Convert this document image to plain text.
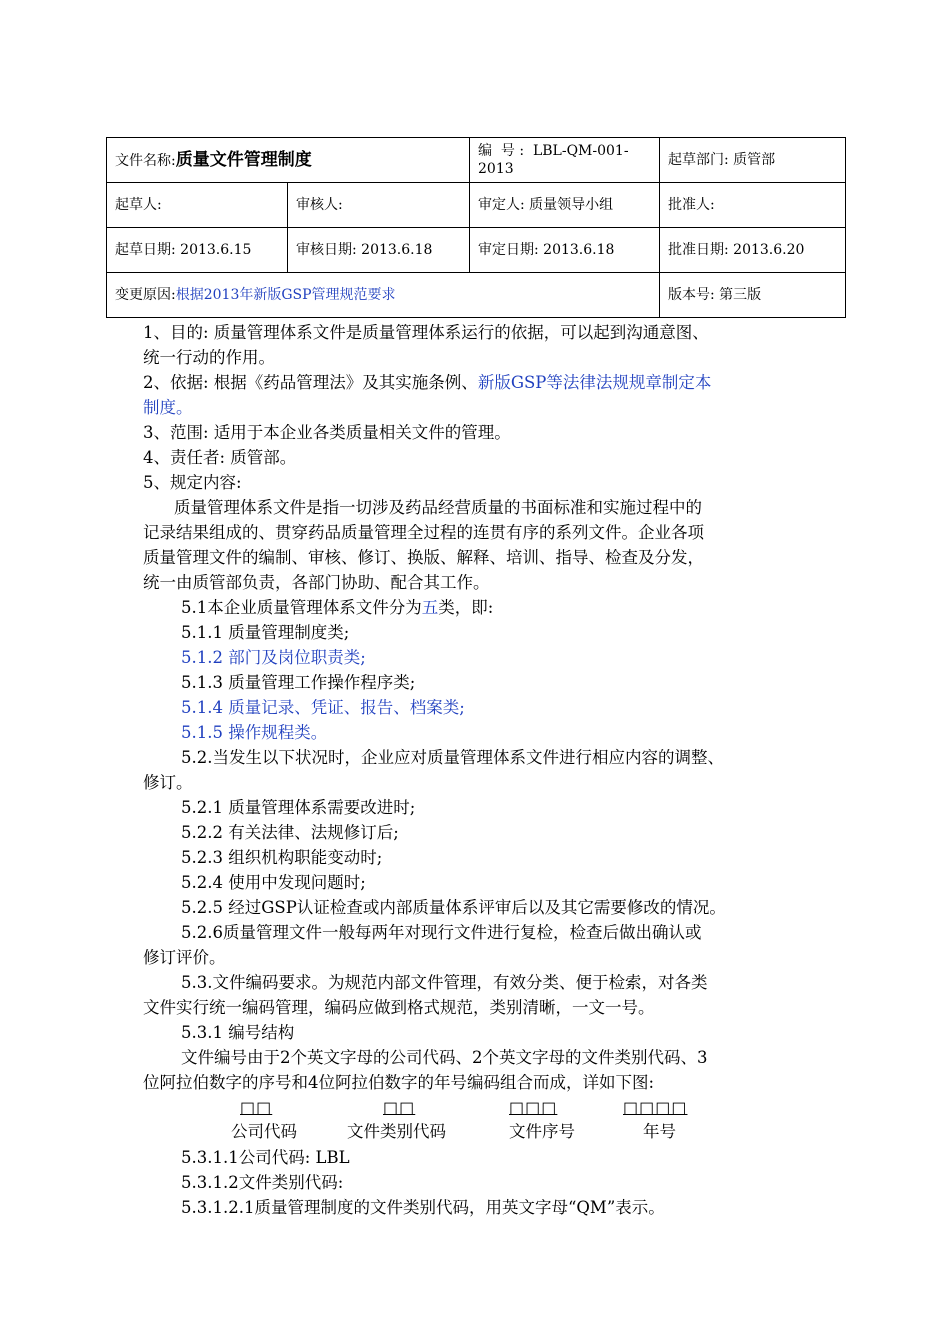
文件名称:质量文件管理制度		编  号 :  LBL-QM-001-
2013	起草部门: 质管部
起草人:	审核人:	审定人: 质量领导小组	批准人:
起草日期: 2013.6.15	审核日期: 2013.6.18	审定日期: 2013.6.18	批准日期: 2013.6.20
变更原因:根据2013年新版GSP管理规范要求			版本号: 第三版

1、目的: 质量管理体系文件是质量管理体系运行的依据，可以起到沟通意图、

统一行动的作用。

2、依据: 根据《药品管理法》及其实施条例、新版GSP等法律法规规章制定本

制度。

3、范围: 适用于本企业各类质量相关文件的管理。

4、责任者: 质管部。

5、规定内容:

质量管理体系文件是指一切涉及药品经营质量的书面标准和实施过程中的

记录结果组成的、贯穿药品质量管理全过程的连贯有序的系列文件。企业各项

质量管理文件的编制、审核、修订、换版、解释、培训、指导、检查及分发，

统一由质管部负责，各部门协助、配合其工作。

5.1本企业质量管理体系文件分为五类，即:

5.1.1 质量管理制度类;

5.1.2 部门及岗位职责类;

5.1.3 质量管理工作操作程序类;

5.1.4 质量记录、凭证、报告、档案类;

5.1.5 操作规程类。

5.2.当发生以下状况时，企业应对质量管理体系文件进行相应内容的调整、

修订。

5.2.1 质量管理体系需要改进时;

5.2.2 有关法律、法规修订后;

5.2.3 组织机构职能变动时;

5.2.4 使用中发现问题时;

5.2.5 经过GSP认证检查或内部质量体系评审后以及其它需要修改的情况。

5.2.6质量管理文件一般每两年对现行文件进行复检，检查后做出确认或

修订评价。

5.3.文件编码要求。为规范内部文件管理，有效分类、便于检索，对各类

文件实行统一编码管理，编码应做到格式规范，类别清晰，一文一号。

5.3.1 编号结构

文件编号由于2个英文字母的公司代码、2个英文字母的文件类别代码、3

位阿拉伯数字的序号和4位阿拉伯数字的年号编码组合而成，详如下图:

□□	□□	□□□	□□□□
公司代码	文件类别代码	文件序号	年号

5.3.1.1公司代码: LBL

5.3.1.2文件类别代码:

5.3.1.2.1质量管理制度的文件类别代码，用英文字母“QM”表示。
